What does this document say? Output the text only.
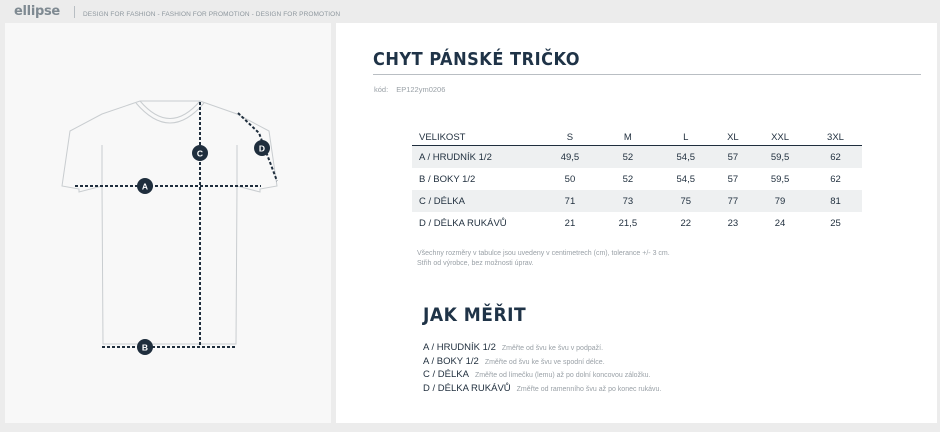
ellipse	DESIGN FOR FASHION - FASHION FOR PROMOTION - DESIGN FOR PROMOTION
A
B
C	D
CHYT PÁNSKÉ TRIČKO
kód: EP122ym0206
VELIKOST	S	M	L	XL	XXL	3XL
A / HRUDNÍK 1/2	49,5	52	54,5	57	59,5	62
B / BOKY 1/2	50	52	54,5	57	59,5	62
C / DÉLKA	71	73	75	77	79	81
D / DÉLKA RUKÁVŮ	21	21,5	22	23	24	25
Všechny rozměry v tabulce jsou uvedeny v centimetrech (cm), tolerance +/- 3 cm.
Střih od výrobce, bez možnosti úprav.
JAK MĚŘIT
A / HRUDNÍK 1/2 Změřte od švu ke švu v podpaží.
A / BOKY 1/2 Změřte od švu ke švu ve spodní délce.
C / DÉLKA Změřte od límečku (lemu) až po dolní koncovou záložku.
D / DÉLKA RUKÁVŮ Změřte od ramenního švu až po konec rukávu.
